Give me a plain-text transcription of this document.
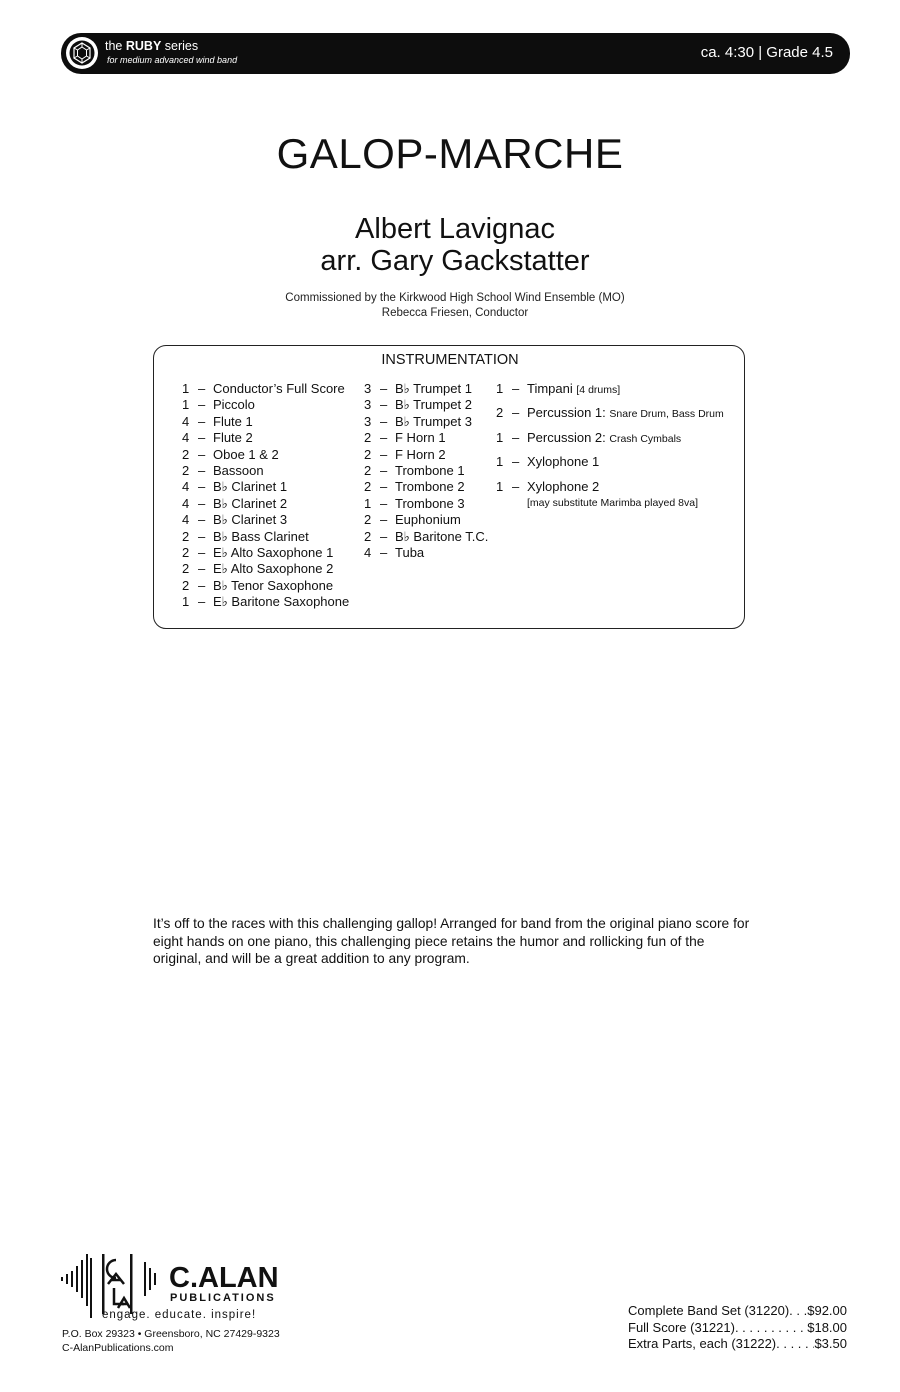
the RUBY series
for medium advanced wind band	ca. 4:30 | Grade 4.5
GALOP-MARCHE
Albert Lavignac
arr. Gary Gackstatter
Commissioned by the Kirkwood High School Wind Ensemble (MO)
Rebecca Friesen, Conductor
INSTRUMENTATION
1 – Conductor’s Full Score
1 – Piccolo
4 – Flute 1
4 – Flute 2
2 – Oboe 1 & 2
2 – Bassoon
4 – B♭ Clarinet 1
4 – B♭ Clarinet 2
4 – B♭ Clarinet 3
2 – B♭ Bass Clarinet
2 – E♭ Alto Saxophone 1
2 – E♭ Alto Saxophone 2
2 – B♭ Tenor Saxophone
1 – E♭ Baritone Saxophone
3 – B♭ Trumpet 1
3 – B♭ Trumpet 2
3 – B♭ Trumpet 3
2 – F Horn 1
2 – F Horn 2
2 – Trombone 1
2 – Trombone 2
1 – Trombone 3
2 – Euphonium
2 – B♭ Baritone T.C.
4 – Tuba
1 – Timpani [4 drums]
2 – Percussion 1: Snare Drum, Bass Drum
1 – Percussion 2: Crash Cymbals
1 – Xylophone 1
1 – Xylophone 2
[may substitute Marimba played 8va]
It’s off to the races with this challenging gallop! Arranged for band from the original piano score for eight hands on one piano, this challenging piece retains the humor and rollicking fun of the original, and will be a great addition to any program.
C.ALAN
PUBLICATIONS
engage. educate. inspire!
P.O. Box 29323 • Greensboro, NC 27429-9323
C-AlanPublications.com
Complete Band Set (31220) . . . $92.00
Full Score (31221) . . .	$18.00
Extra Parts, each (31222) . . .	$3.50
